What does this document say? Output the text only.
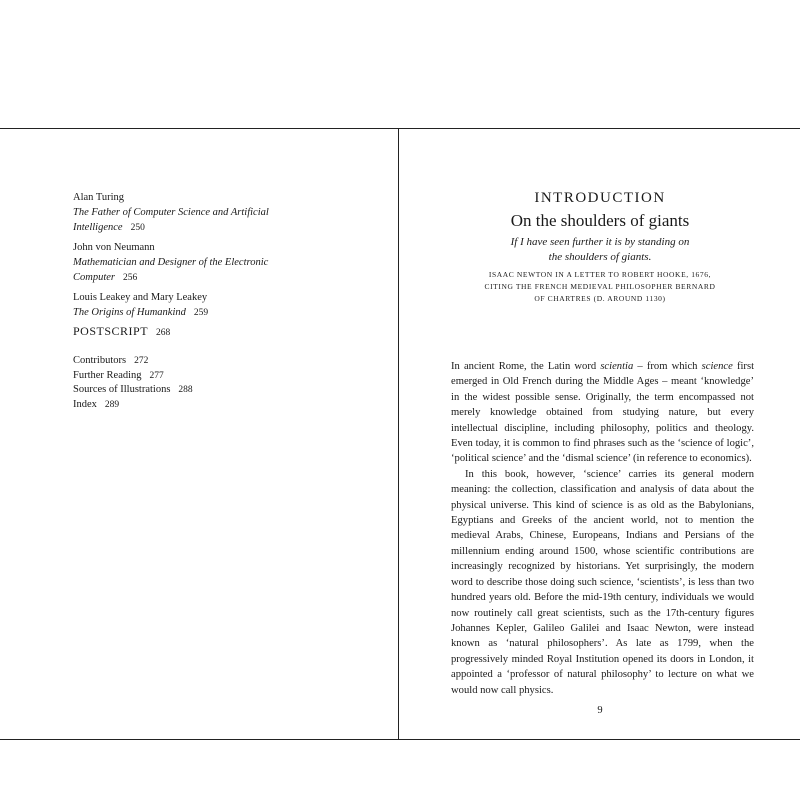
Alan Turing
The Father of Computer Science and Artificial Intelligence 250
John von Neumann
Mathematician and Designer of the Electronic Computer 256
Louis Leakey and Mary Leakey
The Origins of Humankind 259
POSTSCRIPT 268
Contributors 272
Further Reading 277
Sources of Illustrations 288
Index 289
INTRODUCTION
On the shoulders of giants
If I have seen further it is by standing on
the shoulders of giants.
ISAAC NEWTON IN A LETTER TO ROBERT HOOKE, 1676, CITING THE FRENCH MEDIEVAL PHILOSOPHER BERNARD OF CHARTRES (D. AROUND 1130)

In ancient Rome, the Latin word scientia – from which science first emerged in Old French during the Middle Ages – meant ‘knowledge’ in the widest possible sense. Originally, the term encompassed not merely knowledge obtained from studying nature, but every intellectual discipline, including philosophy, politics and theology. Even today, it is common to find phrases such as the ‘science of logic’, ‘political science’ and the ‘dismal science’ (in reference to economics).

In this book, however, ‘science’ carries its general modern meaning: the collection, classification and analysis of data about the physical universe. This kind of science is as old as the Babylonians, Egyptians and Greeks of the ancient world, not to mention the medieval Arabs, Chinese, Europeans, Indians and Persians of the millennium ending around 1500, whose scientific contributions are increasingly recognized by historians. Yet surprisingly, the modern word to describe those doing such science, ‘scientists’, is less than two hundred years old. Before the mid-19th century, individuals we would now routinely call great scientists, such as the 17th-century figures Johannes Kepler, Galileo Galilei and Isaac Newton, were instead known as ‘natural philosophers’. As late as 1799, when the progressively minded Royal Institution opened its doors in London, it appointed a ‘professor of natural philosophy’ to lecture on what we would now call physics.

9
